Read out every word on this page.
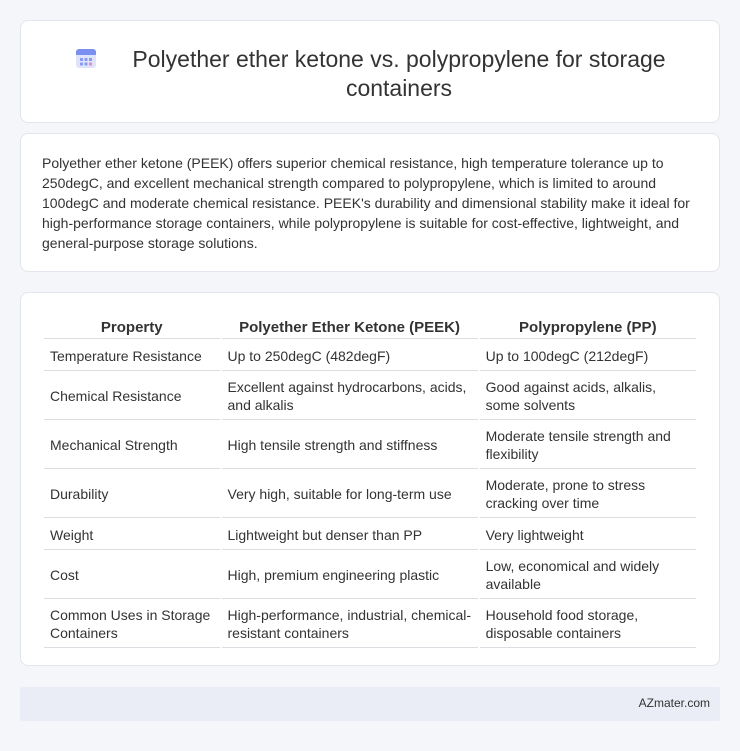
Polyether ether ketone vs. polypropylene for storage containers

Polyether ether ketone (PEEK) offers superior chemical resistance, high temperature tolerance up to 250degC, and excellent mechanical strength compared to polypropylene, which is limited to around 100degC and moderate chemical resistance. PEEK's durability and dimensional stability make it ideal for high-performance storage containers, while polypropylene is suitable for cost-effective, lightweight, and general-purpose storage solutions.

Property	Polyether Ether Ketone (PEEK)	Polypropylene (PP)
Temperature Resistance	Up to 250degC (482degF)	Up to 100degC (212degF)
Chemical Resistance	Excellent against hydrocarbons, acids, and alkalis	Good against acids, alkalis, some solvents
Mechanical Strength	High tensile strength and stiffness	Moderate tensile strength and flexibility
Durability	Very high, suitable for long-term use	Moderate, prone to stress cracking over time
Weight	Lightweight but denser than PP	Very lightweight
Cost	High, premium engineering plastic	Low, economical and widely available
Common Uses in Storage Containers	High-performance, industrial, chemical-resistant containers	Household food storage, disposable containers
AZmater.com
